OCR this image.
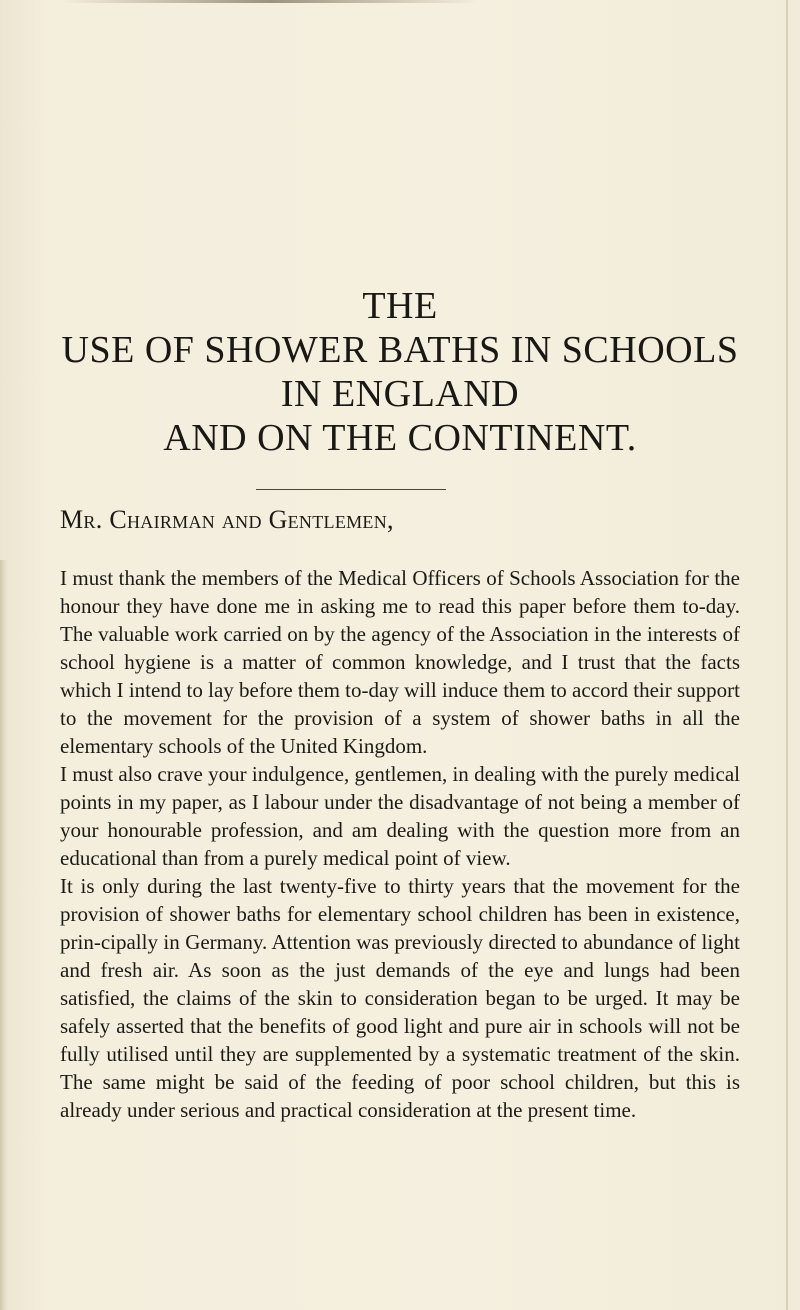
THE
USE OF SHOWER BATHS IN SCHOOLS
IN ENGLAND
AND ON THE CONTINENT.
Mr. Chairman and Gentlemen,

I must thank the members of the Medical Officers of Schools Association for the honour they have done me in asking me to read this paper before them to-day. The valuable work carried on by the agency of the Association in the interests of school hygiene is a matter of common knowledge, and I trust that the facts which I intend to lay before them to-day will induce them to accord their support to the movement for the provision of a system of shower baths in all the elementary schools of the United Kingdom.

I must also crave your indulgence, gentlemen, in dealing with the purely medical points in my paper, as I labour under the disadvantage of not being a member of your honourable profession, and am dealing with the question more from an educational than from a purely medical point of view.

It is only during the last twenty-five to thirty years that the movement for the provision of shower baths for elementary school children has been in existence, prin-cipally in Germany. Attention was previously directed to abundance of light and fresh air. As soon as the just demands of the eye and lungs had been satisfied, the claims of the skin to consideration began to be urged. It may be safely asserted that the benefits of good light and pure air in schools will not be fully utilised until they are supplemented by a systematic treatment of the skin. The same might be said of the feeding of poor school children, but this is already under serious and practical consideration at the present time.
